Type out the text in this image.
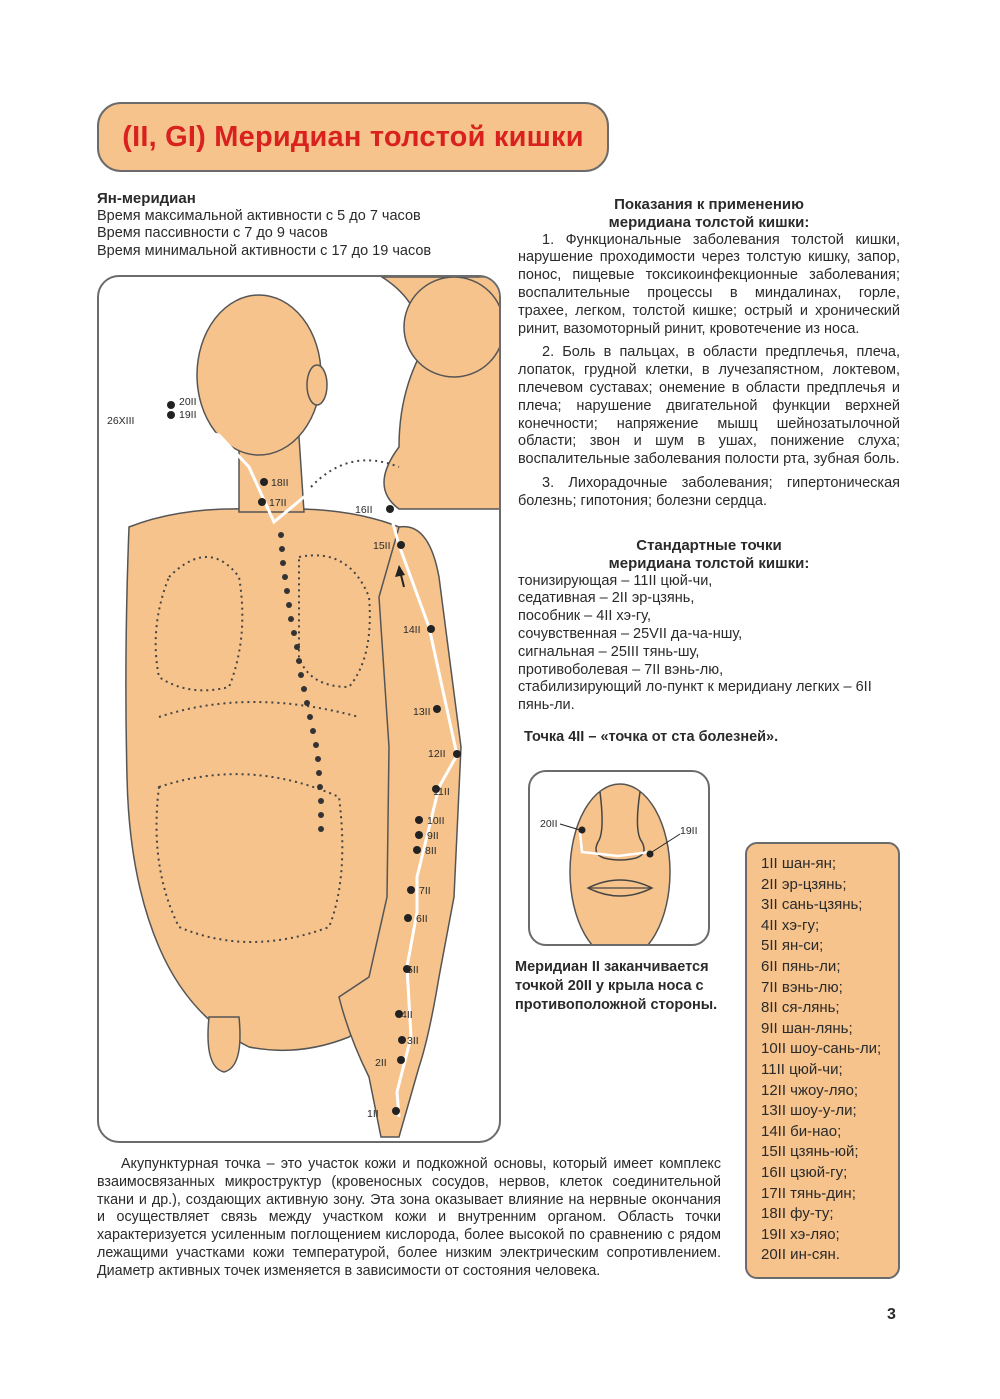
(II, GI) Меридиан толстой кишки
Ян-меридиан
Время максимальной активности с 5 до 7 часов
Время пассивности с 7 до 9 часов
Время минимальной активности с 17 до 19 часов
26XIII
20II
19II
18II
17II
16II
15II
14II
13II
12II
11II
10II
9II
8II
7II
6II
5II
4II
3II
2II
1II
Показания к применению
меридиана толстой кишки:

1. Функциональные заболевания толстой кишки, нарушение проходимости через толстую кишку, запор, понос, пищевые токсикоинфекционные заболевания; воспалительные процессы в миндалинах, горле, трахее, легком, толстой кишке; острый и хронический ринит, вазомоторный ринит, кровотечение из носа.

2. Боль в пальцах, в области предплечья, плеча, лопаток, грудной клетки, в лучезапястном, локтевом, плечевом суставах; онемение в области предплечья и плеча; нарушение двигательной функции верхней конечности; напряжение мышц шейнозатылочной области; звон и шум в ушах, понижение слуха; воспалительные заболевания полости рта, зубная боль.

3. Лихорадочные заболевания; гипертоническая болезнь; гипотония; болезни сердца.

Стандартные точки
меридиана толстой кишки:
тонизирующая – 11II цюй-чи,
седативная – 2II эр-цзянь,
пособник – 4II хэ-гу,
сочувственная – 25VII да-ча-ншу,
сигнальная – 25III тянь-шу,
противоболевая – 7II вэнь-лю,
стабилизирующий ло-пункт к меридиану легких – 6II
пянь-ли.
Точка 4II – «точка от ста болезней».
20II
19II
Меридиан II заканчивается точкой 20II у крыла носа с противоположной стороны.
1II шан-ян;
2II эр-цзянь;
3II сань-цзянь;
4II хэ-гу;
5II ян-си;
6II пянь-ли;
7II вэнь-лю;
8II ся-лянь;
9II шан-лянь;
10II шоу-сань-ли;
11II цюй-чи;
12II чжоу-ляо;
13II шоу-у-ли;
14II би-нао;
15II цзянь-юй;
16II цзюй-гу;
17II тянь-дин;
18II фу-ту;
19II хэ-ляо;
20II ин-сян.

Акупунктурная точка – это участок кожи и подкожной основы, который имеет комплекс взаимосвязанных микроструктур (кровеносных сосудов, нервов, клеток соединительной ткани и др.), создающих активную зону. Эта зона оказывает влияние на нервные окончания и осуществляет связь между участком кожи и внутренним органом. Область точки характеризуется усиленным поглощением кислорода, более высокой по сравнению с рядом лежащими участками кожи температурой, более низким электрическим сопротивлением. Диаметр активных точек изменяется в зависимости от состояния человека.

3
